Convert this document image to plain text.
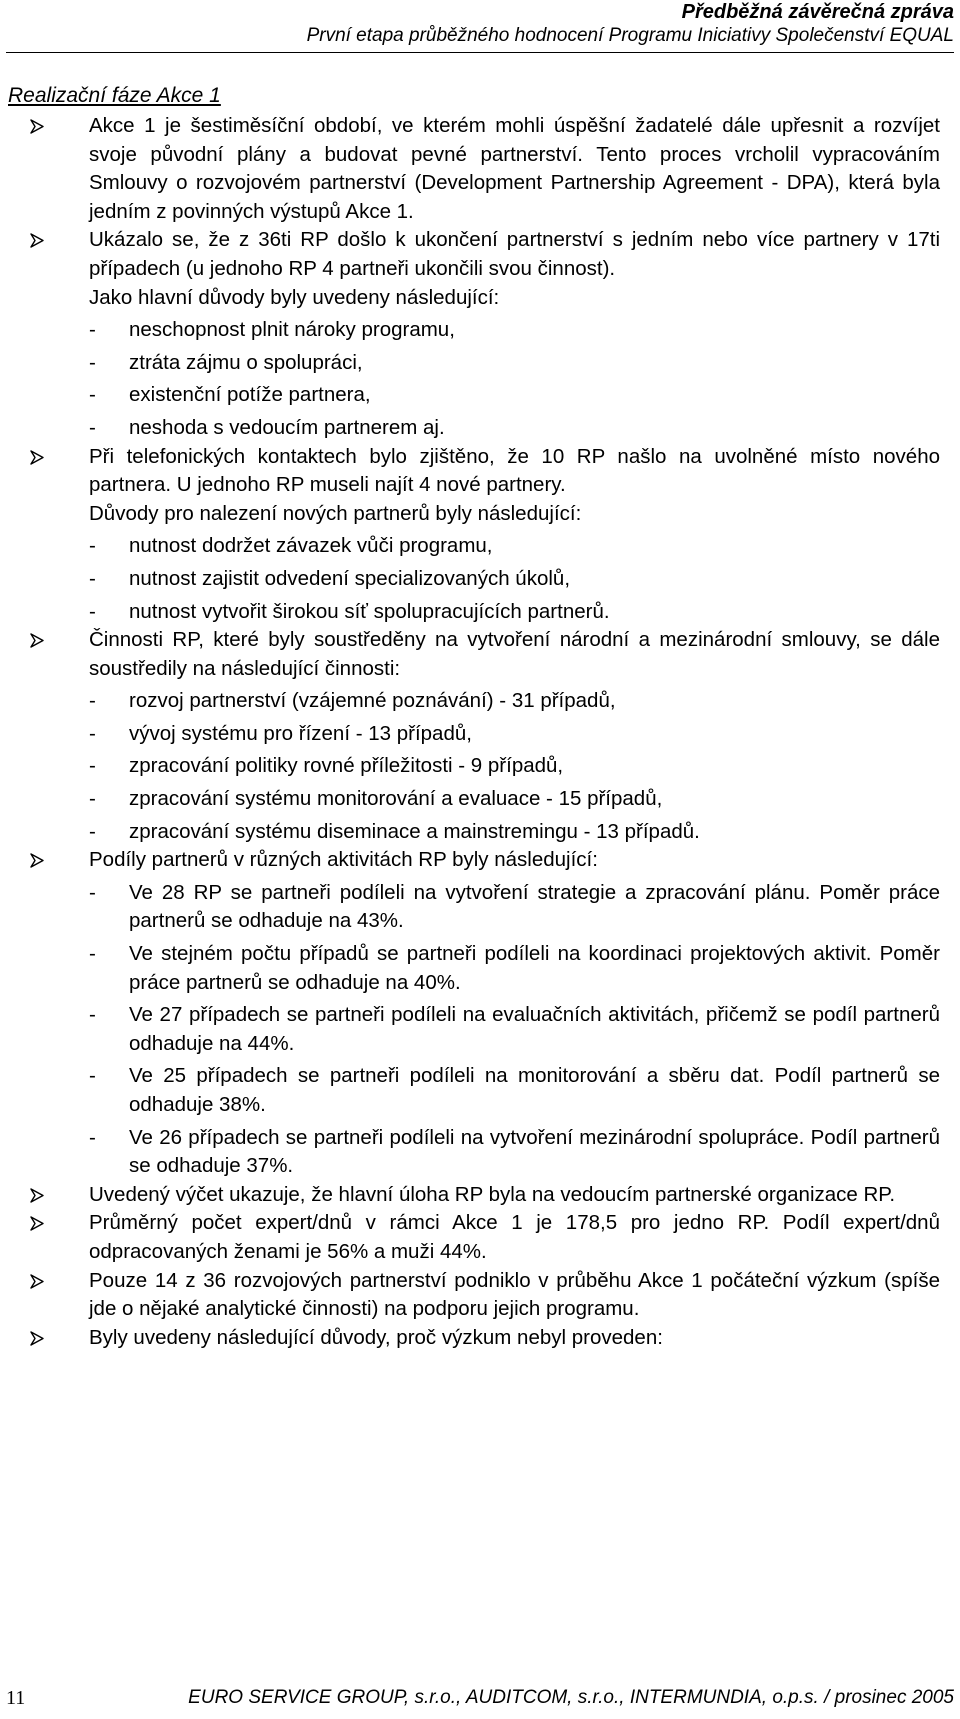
Předběžná závěrečná zpráva
První etapa průběžného hodnocení Programu Iniciativy Společenství EQUAL
Realizační fáze Akce 1
Akce 1 je šestiměsíční období, ve kterém mohli úspěšní žadatelé dále upřesnit a rozvíjet svoje původní plány a budovat pevné partnerství. Tento proces vrcholil vypracováním Smlouvy o rozvojovém partnerství (Development Partnership Agreement - DPA), která byla jedním z povinných výstupů Akce 1.
Ukázalo se, že z 36ti RP došlo k ukončení partnerství s jedním nebo více partnery v 17ti případech (u jednoho RP 4 partneři ukončili svou činnost).
Jako hlavní důvody byly uvedeny následující:
- neschopnost plnit nároky programu,
- ztráta zájmu o spolupráci,
- existenční potíže partnera,
- neshoda s vedoucím partnerem aj.
Při telefonických kontaktech bylo zjištěno, že 10 RP našlo na uvolněné místo nového partnera. U jednoho RP museli najít 4 nové partnery.
Důvody pro nalezení nových partnerů byly následující:
- nutnost dodržet závazek vůči programu,
- nutnost zajistit odvedení specializovaných úkolů,
- nutnost vytvořit širokou síť spolupracujících partnerů.
Činnosti RP, které byly soustředěny na vytvoření národní a mezinárodní smlouvy, se dále soustředily na následující činnosti:
- rozvoj partnerství (vzájemné poznávání) - 31 případů,
- vývoj systému pro řízení - 13 případů,
- zpracování politiky rovné příležitosti - 9 případů,
- zpracování systému monitorování a evaluace - 15 případů,
- zpracování systému diseminace a mainstremingu - 13 případů.
Podíly partnerů v různých aktivitách RP byly následující:
- Ve 28 RP se partneři podíleli na vytvoření strategie a zpracování plánu. Poměr práce partnerů se odhaduje na 43%.
- Ve stejném počtu případů se partneři podíleli na koordinaci projektových aktivit. Poměr práce partnerů se odhaduje na 40%.
- Ve 27 případech se partneři podíleli na evaluačních aktivitách, přičemž se podíl partnerů odhaduje na 44%.
- Ve 25 případech se partneři podíleli na monitorování a sběru dat. Podíl partnerů se odhaduje 38%.
- Ve 26 případech se partneři podíleli na vytvoření mezinárodní spolupráce. Podíl partnerů se odhaduje 37%.
Uvedený výčet ukazuje, že hlavní úloha RP byla na vedoucím partnerské organizace RP.
Průměrný počet expert/dnů v rámci Akce 1 je 178,5 pro jedno RP. Podíl expert/dnů odpracovaných ženami je 56% a muži 44%.
Pouze 14 z 36 rozvojových partnerství podniklo v průběhu Akce 1 počáteční výzkum (spíše jde o nějaké analytické činnosti) na podporu jejich programu.
Byly uvedeny následující důvody, proč výzkum nebyl proveden:
11	EURO SERVICE GROUP, s.r.o., AUDITCOM, s.r.o., INTERMUNDIA, o.p.s. / prosinec 2005
